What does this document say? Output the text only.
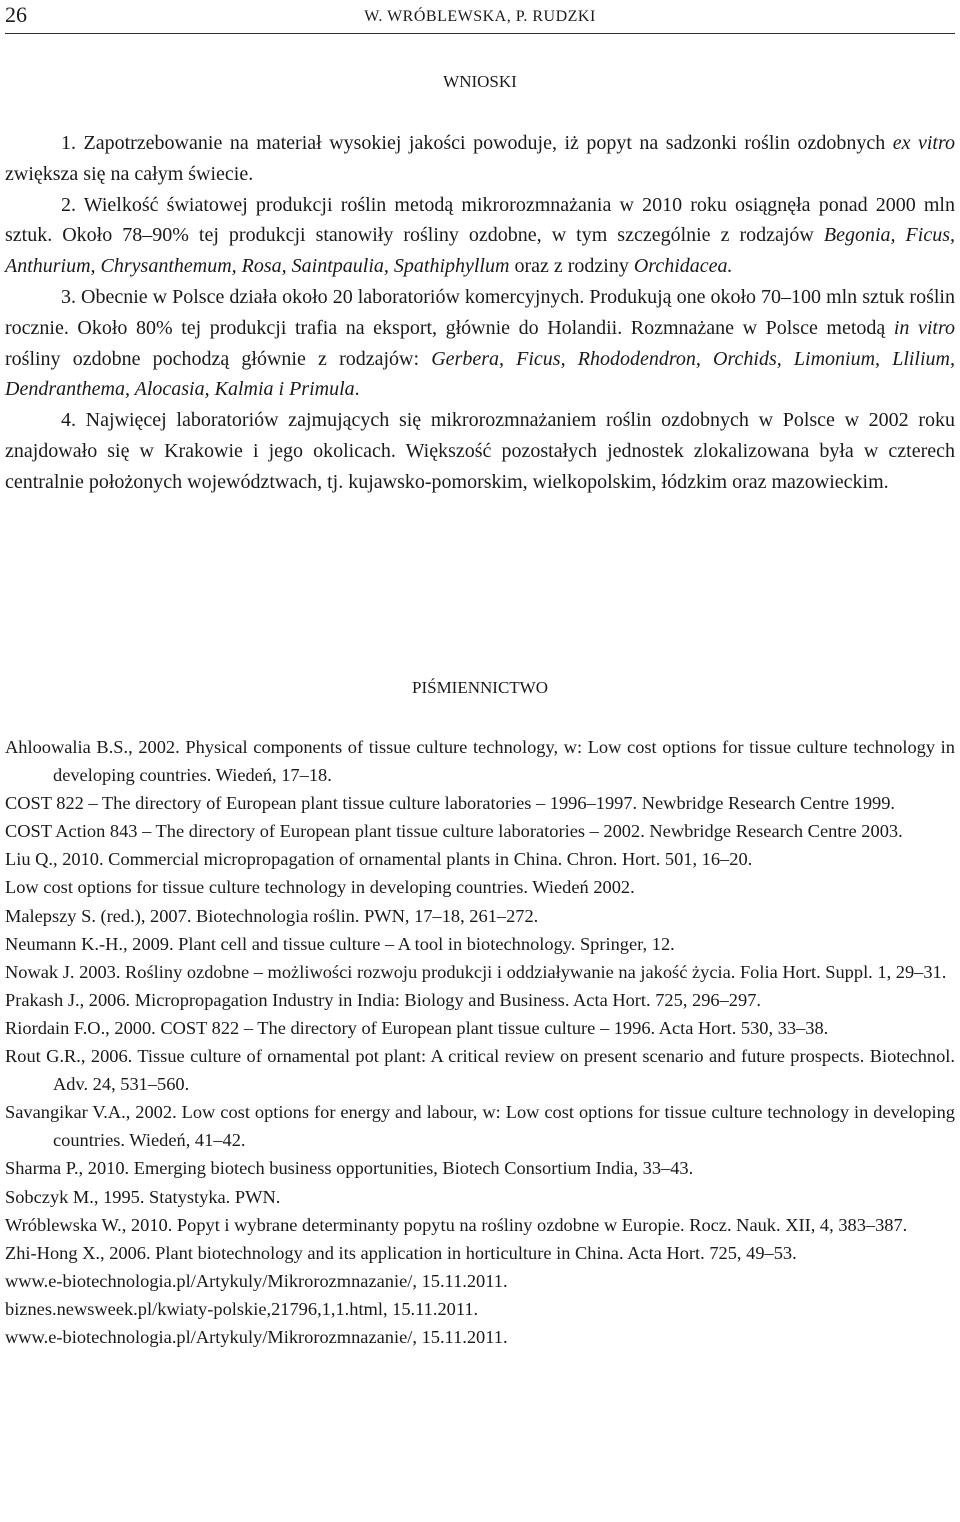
26	W. WRÓBLEWSKA, P. RUDZKI
WNIOSKI

1. Zapotrzebowanie na materiał wysokiej jakości powoduje, iż popyt na sadzonki roślin ozdobnych ex vitro zwiększa się na całym świecie.

2. Wielkość światowej produkcji roślin metodą mikrorozmnażania w 2010 roku osiągnęła ponad 2000 mln sztuk. Około 78–90% tej produkcji stanowiły rośliny ozdobne, w tym szczególnie z rodzajów Begonia, Ficus, Anthurium, Chrysanthemum, Rosa, Saintpaulia, Spathiphyllum oraz z rodziny Orchidacea.

3. Obecnie w Polsce działa około 20 laboratoriów komercyjnych. Produkują one około 70–100 mln sztuk roślin rocznie. Około 80% tej produkcji trafia na eksport, głównie do Holandii. Rozmnażane w Polsce metodą in vitro rośliny ozdobne pochodzą głównie z rodzajów: Gerbera, Ficus, Rhododendron, Orchids, Limonium, Llilium, Dendranthema, Alocasia, Kalmia i Primula.

4. Najwięcej laboratoriów zajmujących się mikrorozmnażaniem roślin ozdobnych w Polsce w 2002 roku znajdowało się w Krakowie i jego okolicach. Większość pozostałych jednostek zlokalizowana była w czterech centralnie położonych województwach, tj. kujawsko-pomorskim, wielkopolskim, łódzkim oraz mazowieckim.

PIŚMIENNICTWO

Ahloowalia B.S., 2002. Physical components of tissue culture technology, w: Low cost options for tissue culture technology in developing countries. Wiedeń, 17–18.

COST 822 – The directory of European plant tissue culture laboratories – 1996–1997. Newbridge Research Centre 1999.

COST Action 843 – The directory of European plant tissue culture laboratories – 2002. Newbridge Research Centre 2003.

Liu Q., 2010. Commercial micropropagation of ornamental plants in China. Chron. Hort. 501, 16–20.

Low cost options for tissue culture technology in developing countries. Wiedeń 2002.

Malepszy S. (red.), 2007. Biotechnologia roślin. PWN, 17–18, 261–272.

Neumann K.-H., 2009. Plant cell and tissue culture – A tool in biotechnology. Springer, 12.

Nowak J. 2003. Rośliny ozdobne – możliwości rozwoju produkcji i oddziaływanie na jakość życia. Folia Hort. Suppl. 1, 29–31.

Prakash J., 2006. Micropropagation Industry in India: Biology and Business. Acta Hort. 725, 296–297.

Riordain F.O., 2000. COST 822 – The directory of European plant tissue culture – 1996. Acta Hort. 530, 33–38.

Rout G.R., 2006. Tissue culture of ornamental pot plant: A critical review on present scenario and future prospects. Biotechnol. Adv. 24, 531–560.

Savangikar V.A., 2002. Low cost options for energy and labour, w: Low cost options for tissue culture technology in developing countries. Wiedeń, 41–42.

Sharma P., 2010. Emerging biotech business opportunities, Biotech Consortium India, 33–43.

Sobczyk M., 1995. Statystyka. PWN.

Wróblewska W., 2010. Popyt i wybrane determinanty popytu na rośliny ozdobne w Europie. Rocz. Nauk. XII, 4, 383–387.

Zhi-Hong X., 2006. Plant biotechnology and its application in horticulture in China. Acta Hort. 725, 49–53.

www.e-biotechnologia.pl/Artykuly/Mikrorozmnazanie/, 15.11.2011.

biznes.newsweek.pl/kwiaty-polskie,21796,1,1.html, 15.11.2011.

www.e-biotechnologia.pl/Artykuly/Mikrorozmnazanie/, 15.11.2011.
